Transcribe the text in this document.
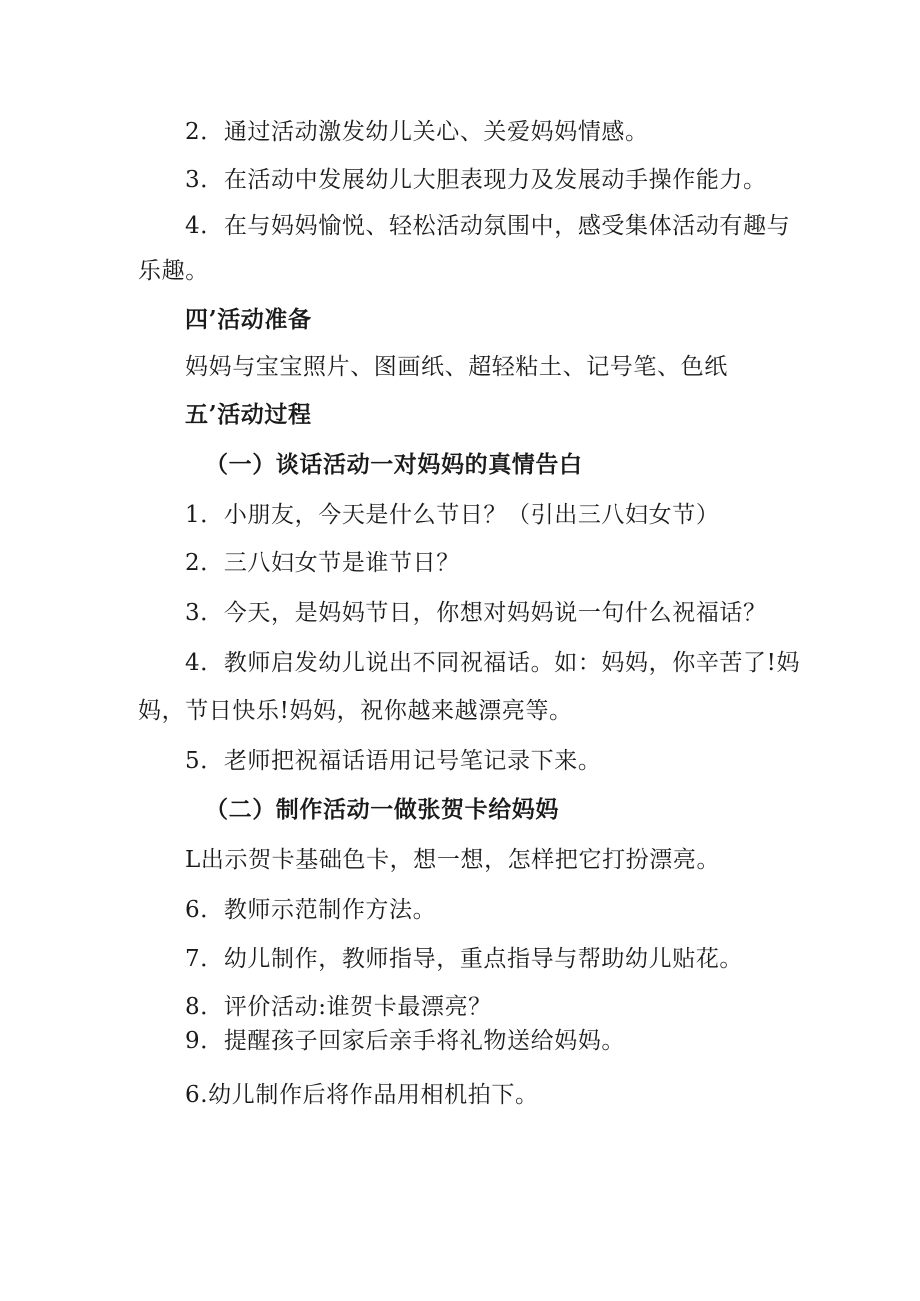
2．通过活动激发幼儿关心、关爱妈妈情感。
3．在活动中发展幼儿大胆表现力及发展动手操作能力。
4．在与妈妈愉悦、轻松活动氛围中，感受集体活动有趣与
乐趣。
四’活动准备
妈妈与宝宝照片、图画纸、超轻粘土、记号笔、色纸
五’活动过程
（一）谈话活动一对妈妈的真情告白
1．小朋友，今天是什么节日？（引出三八妇女节）
2．三八妇女节是谁节日？
3．今天，是妈妈节日，你想对妈妈说一句什么祝福话？
4．教师启发幼儿说出不同祝福话。如：妈妈，你辛苦了!妈
妈，节日快乐!妈妈，祝你越来越漂亮等。
5．老师把祝福话语用记号笔记录下来。
（二）制作活动一做张贺卡给妈妈
L出示贺卡基础色卡，想一想，怎样把它打扮漂亮。
6．教师示范制作方法。
7．幼儿制作，教师指导，重点指导与帮助幼儿贴花。
8．评价活动:谁贺卡最漂亮？
9．提醒孩子回家后亲手将礼物送给妈妈。
6.幼儿制作后将作品用相机拍下。
